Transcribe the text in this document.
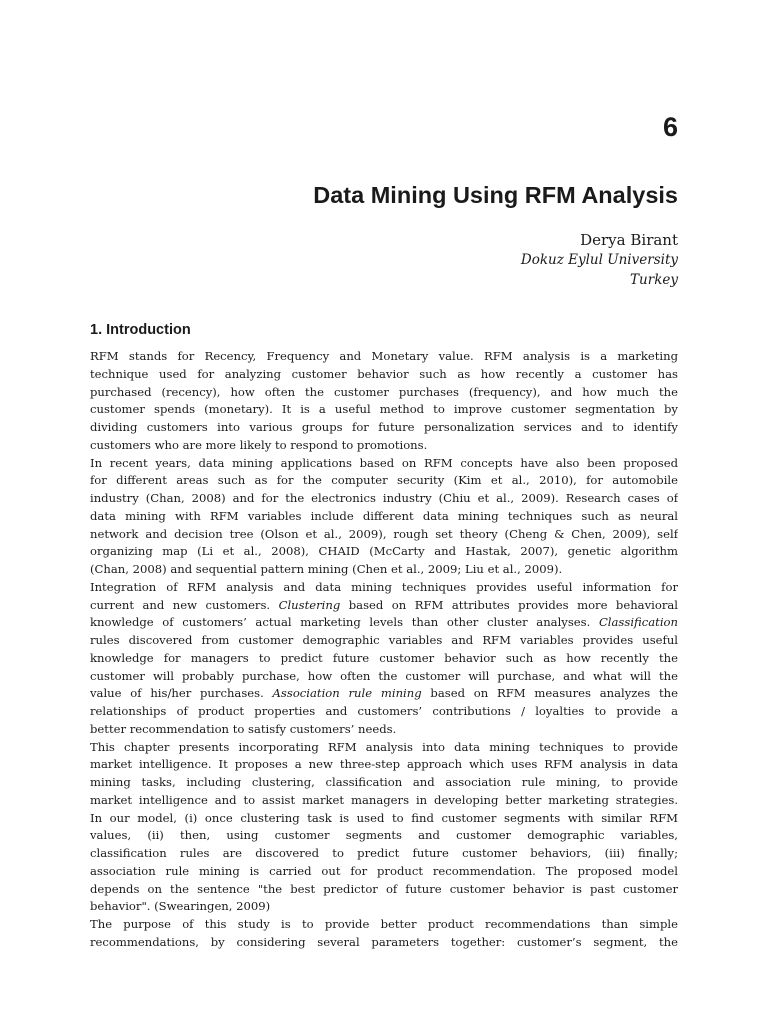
6
Data Mining Using RFM Analysis
Derya Birant
Dokuz Eylul University
Turkey
1. Introduction
RFM stands for Recency, Frequency and Monetary value. RFM analysis is a marketing
technique used for analyzing customer behavior such as how recently a customer has
purchased (recency), how often the customer purchases (frequency), and how much the
customer spends (monetary). It is a useful method to improve customer segmentation by
dividing customers into various groups for future personalization services and to identify
customers who are more likely to respond to promotions.
In recent years, data mining applications based on RFM concepts have also been proposed
for different areas such as for the computer security (Kim et al., 2010), for automobile
industry (Chan, 2008) and for the electronics industry (Chiu et al., 2009). Research cases of
data mining with RFM variables include different data mining techniques such as neural
network and decision tree (Olson et al., 2009), rough set theory (Cheng & Chen, 2009), self
organizing map (Li et al., 2008), CHAID (McCarty and Hastak, 2007), genetic algorithm
(Chan, 2008) and sequential pattern mining (Chen et al., 2009; Liu et al., 2009).
Integration of RFM analysis and data mining techniques provides useful information for
current and new customers. Clustering based on RFM attributes provides more behavioral
knowledge of customers’ actual marketing levels than other cluster analyses. Classification
rules discovered from customer demographic variables and RFM variables provides useful
knowledge for managers to predict future customer behavior such as how recently the
customer will probably purchase, how often the customer will purchase, and what will the
value of his/her purchases. Association rule mining based on RFM measures analyzes the
relationships of product properties and customers’ contributions / loyalties to provide a
better recommendation to satisfy customers’ needs.
This chapter presents incorporating RFM analysis into data mining techniques to provide
market intelligence. It proposes a new three-step approach which uses RFM analysis in data
mining tasks, including clustering, classification and association rule mining, to provide
market intelligence and to assist market managers in developing better marketing strategies.
In our model, (i) once clustering task is used to find customer segments with similar RFM
values, (ii) then, using customer segments and customer demographic variables,
classification rules are discovered to predict future customer behaviors, (iii) finally;
association rule mining is carried out for product recommendation. The proposed model
depends on the sentence "the best predictor of future customer behavior is past customer
behavior". (Swearingen, 2009)
The purpose of this study is to provide better product recommendations than simple
recommendations, by considering several parameters together: customer’s segment, the
